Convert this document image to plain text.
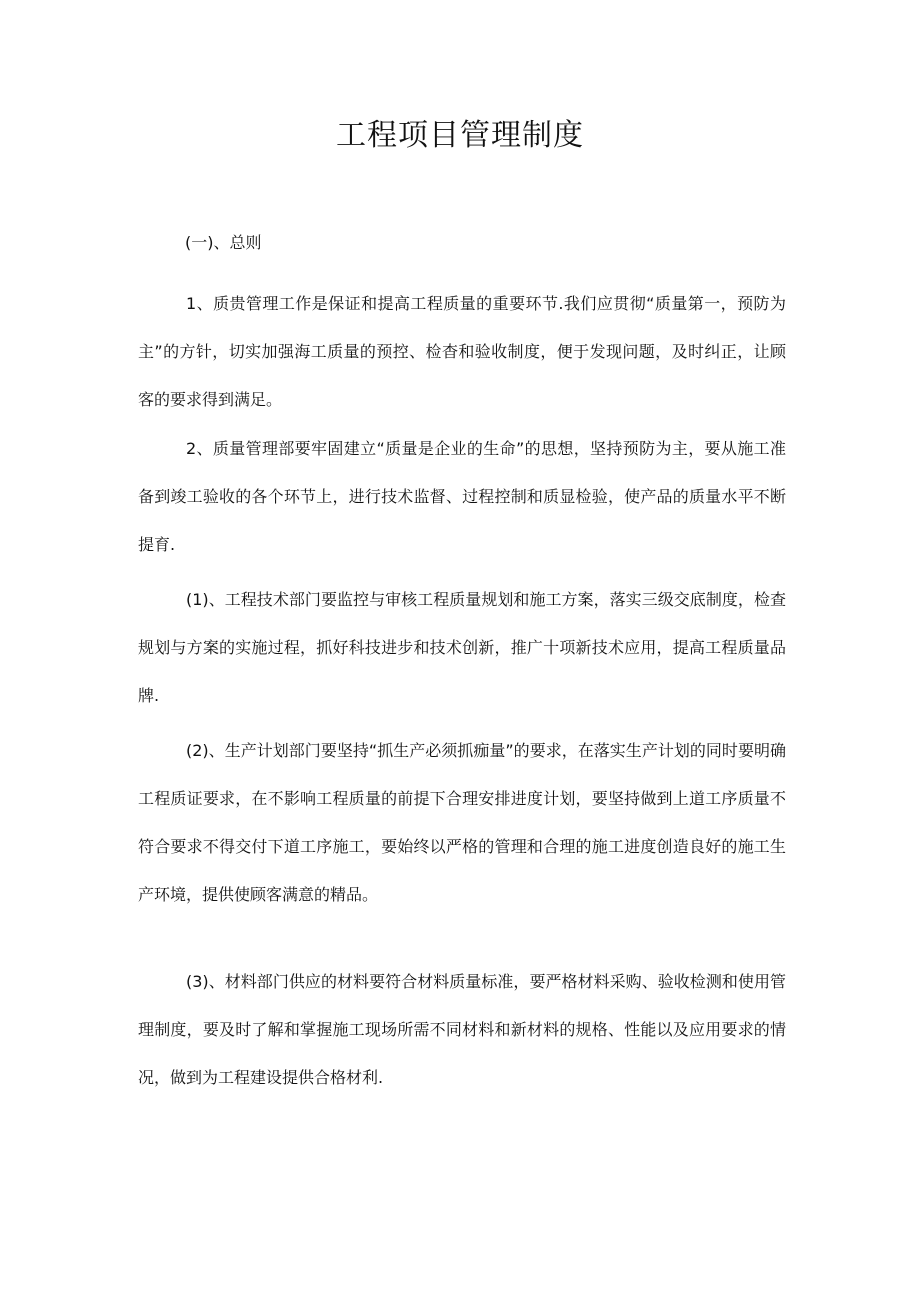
工程项目管理制度

(一)、总则

1、质贵管理工作是保证和提高工程质量的重要环节.我们应贯彻“质量第一，预防为主”的方针，切实加强海工质量的预控、检杳和验收制度，便于发现问题，及时纠正，让顾客的要求得到满足。

2、质量管理部要牢固建立“质量是企业的生命”的思想，坚持预防为主，要从施工准备到竣工验收的各个环节上，进行技术监督、过程控制和质显检验，使产品的质量水平不断提育.

(1)、工程技术部门要监控与审核工程质量规划和施工方案，落实三级交底制度，检查规划与方案的实施过程，抓好科技进步和技术创新，推广十项新技术应用，提高工程质量品牌.

(2)、生产计划部门要坚持“抓生产必须抓痂量”的要求，在落实生产计划的同时要明确工程质证要求，在不影响工程质量的前提下合理安排进度计划，要坚持做到上道工序质量不符合要求不得交付下道工序施工，要始终以严格的管理和合理的施工进度创造良好的施工生产环境，提供使顾客满意的精品。

(3)、材料部门供应的材料要符合材料质量标准，要严格材料采购、验收检测和使用管理制度，要及时了解和掌握施工现场所需不同材料和新材料的规格、性能以及应用要求的情况，做到为工程建设提供合格材利.
